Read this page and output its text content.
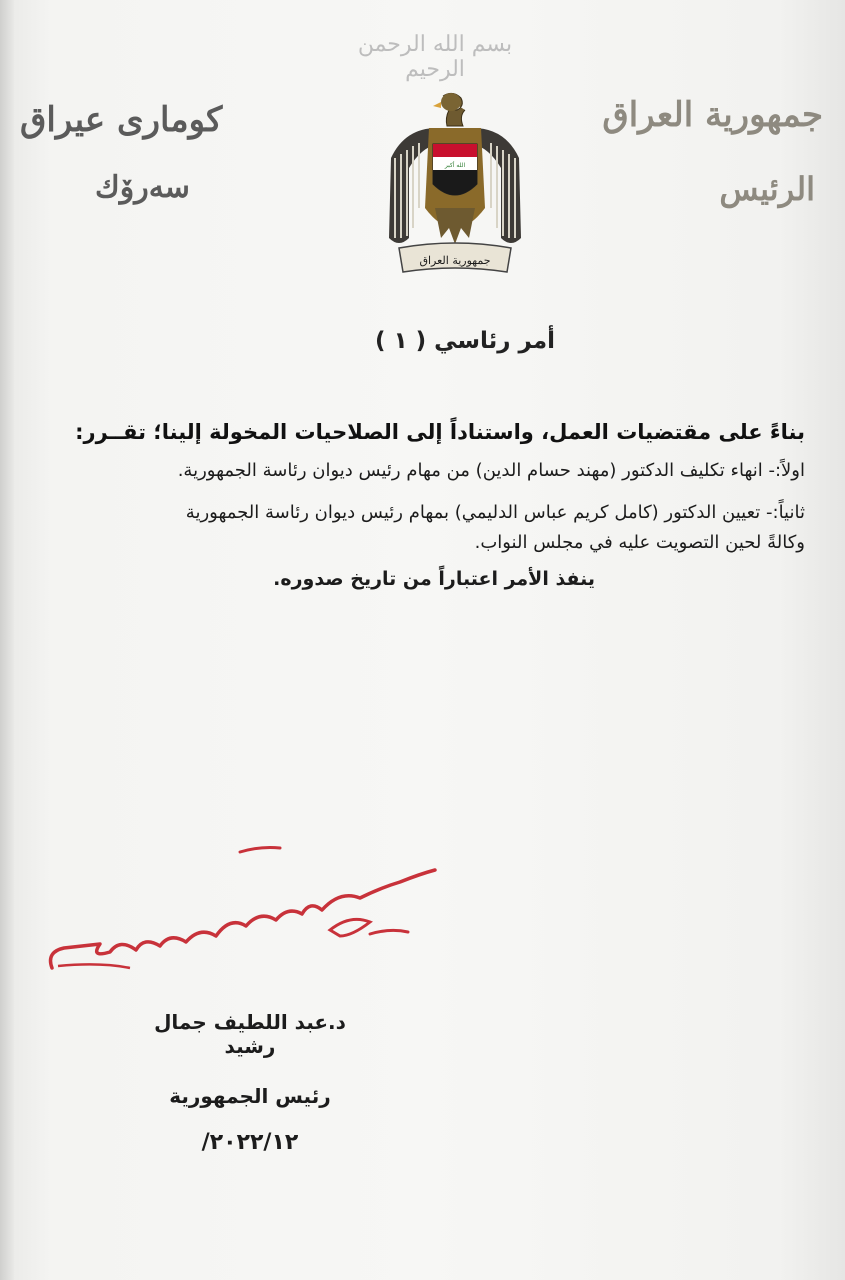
بسم الله الرحمن الرحيم
جمهورية العراق
الرئيس
كوماری عیراق
سەرۆك
الله أكبر
جمهورية العراق
أمر رئاسي ( ١ )

بناءً على مقتضيات العمل، واستناداً إلى الصلاحيات المخولة إلينا؛ تقــرر:

اولاً:- انهاء تكليف الدكتور (مهند حسام الدين) من مهام رئيس ديوان رئاسة الجمهورية.

ثانياً:- تعيين الدكتور (كامل كريم عباس الدليمي) بمهام رئيس ديوان رئاسة الجمهورية

وكالةً لحين التصويت عليه في مجلس النواب.

ينفذ الأمر اعتباراً من تاريخ صدوره.

د.عبد اللطيف جمال رشيد

رئيس الجمهورية

٢٠٢٢/١٢/
